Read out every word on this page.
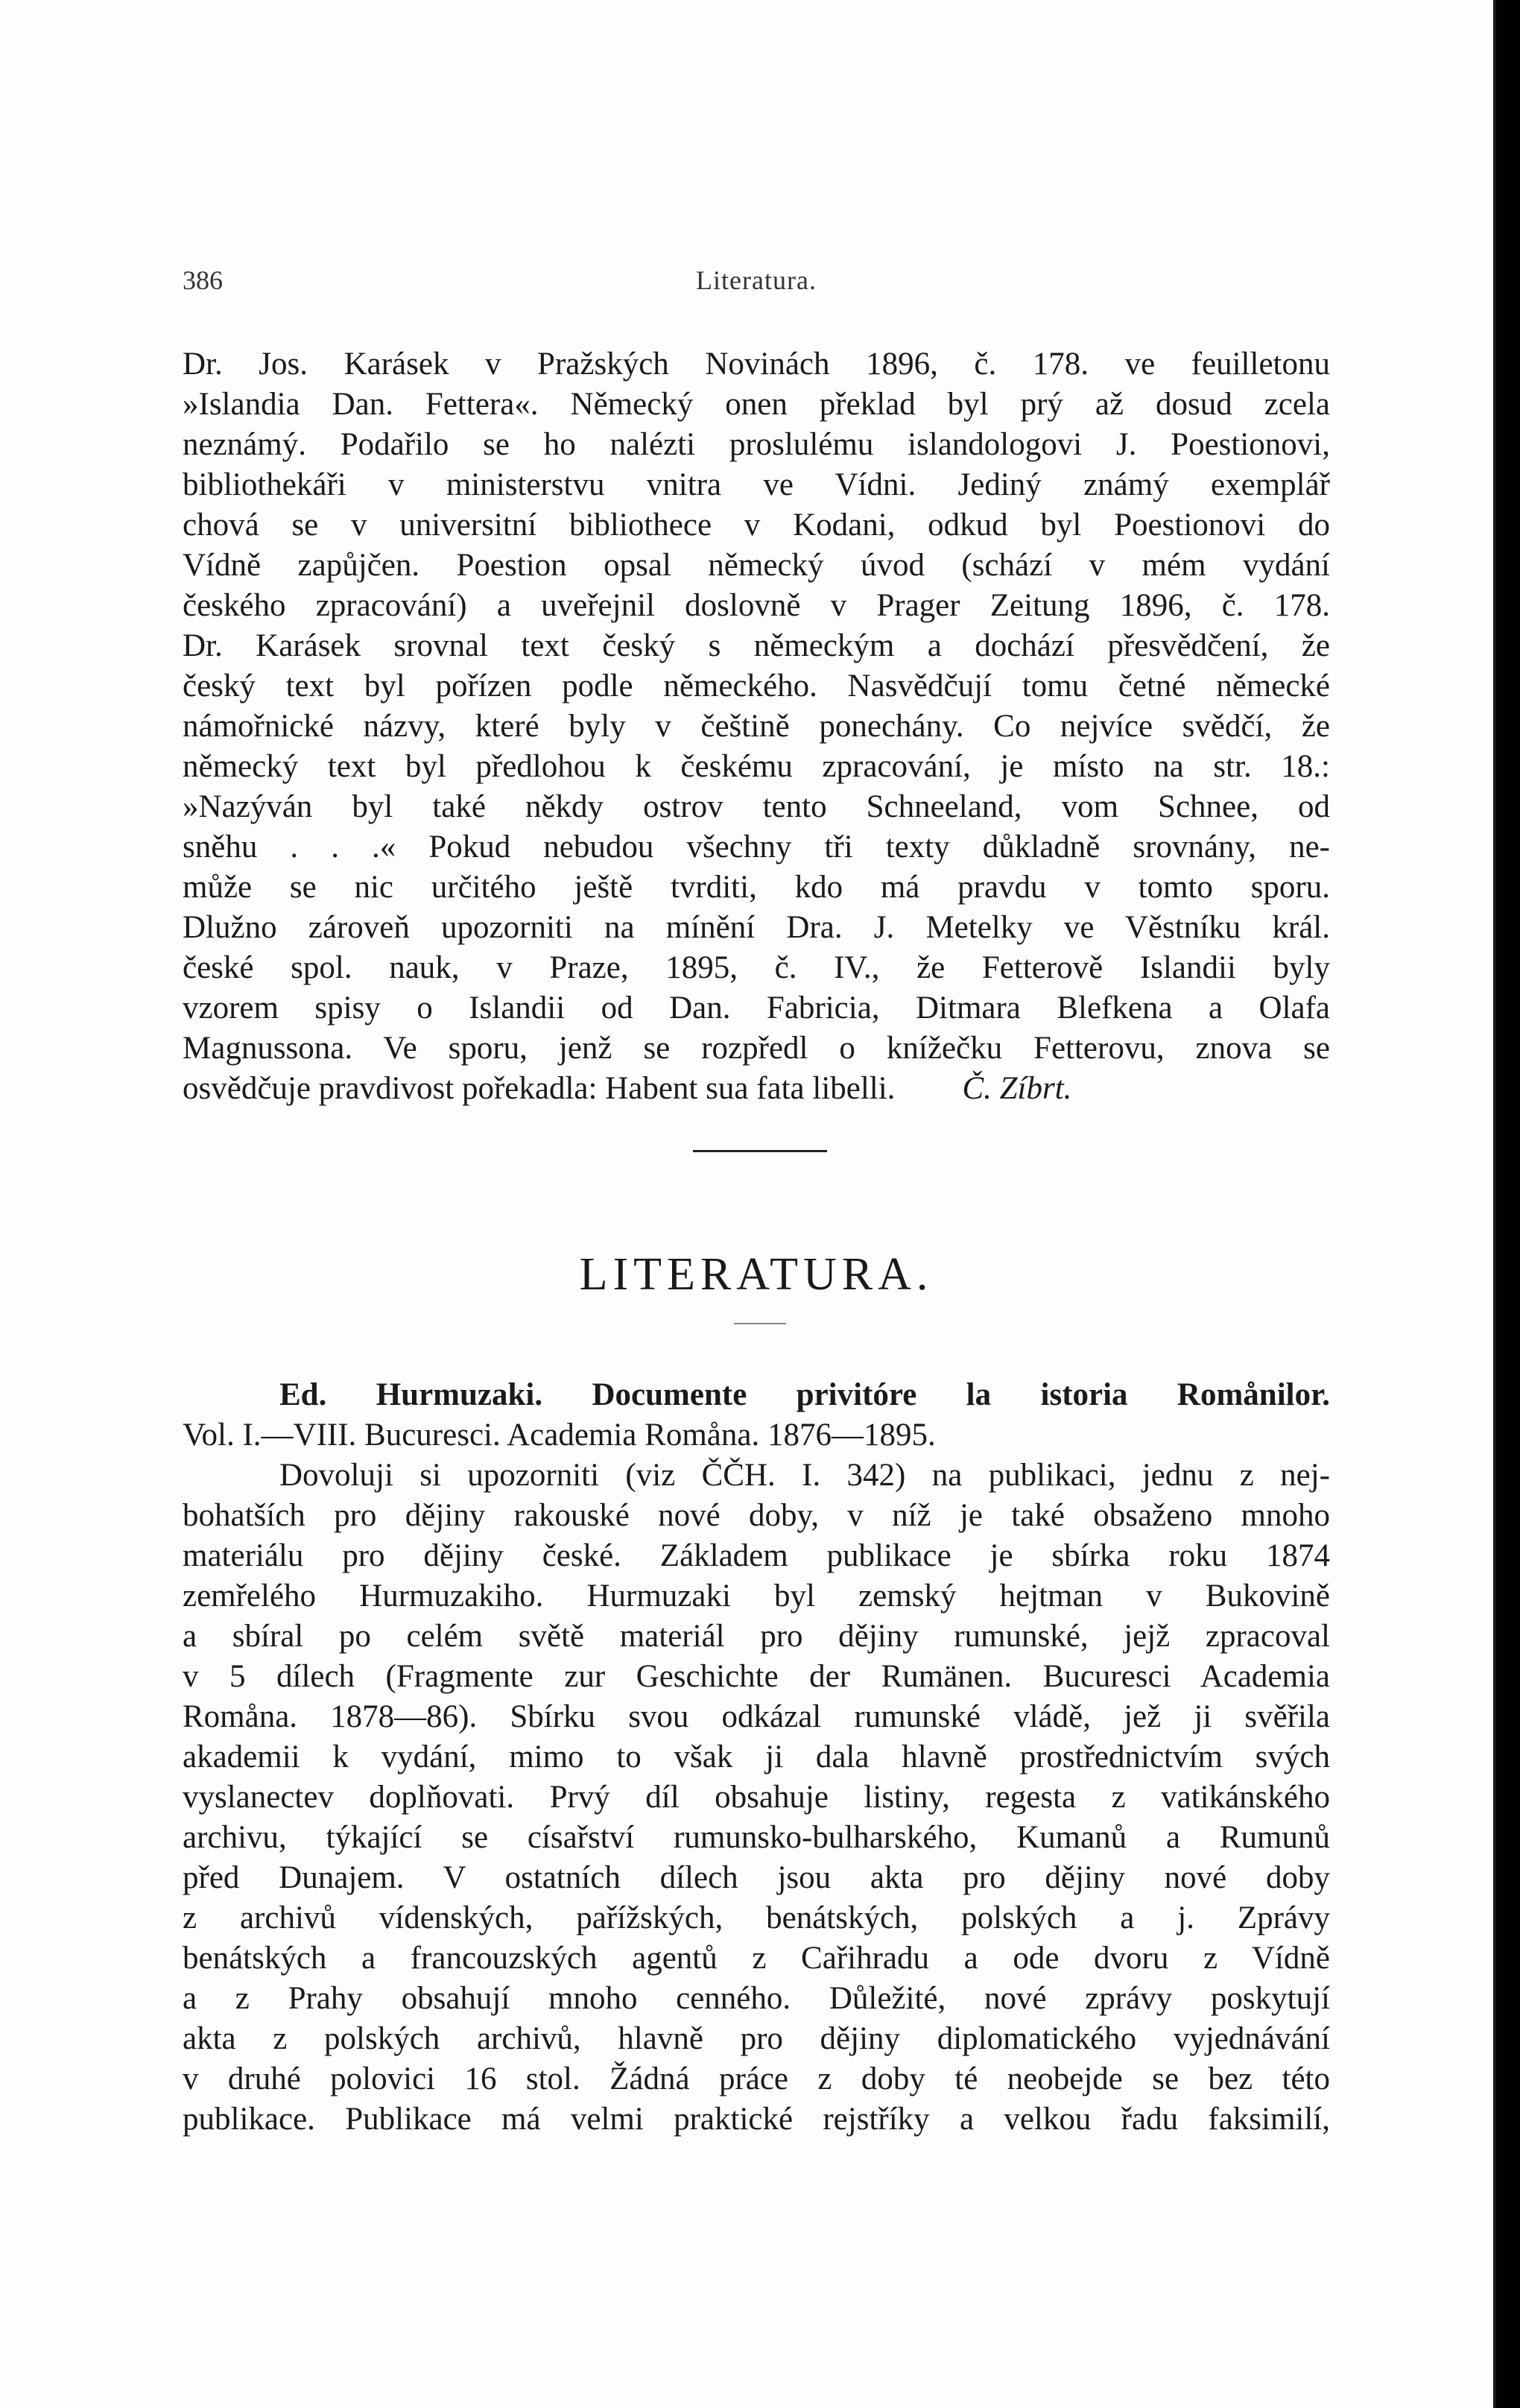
386	Literatura.
Dr. Jos. Karásek v Pražských Novinách 1896, č. 178. ve feuilletonu
»Islandia Dan. Fettera«. Německý onen překlad byl prý až dosud zcela
neznámý. Podařilo se ho nalézti proslulému islandologovi J. Poestionovi,
bibliothekáři v ministerstvu vnitra ve Vídni. Jediný známý exemplář
chová se v universitní bibliothece v Kodani, odkud byl Poestionovi do
Vídně zapůjčen. Poestion opsal německý úvod (schází v mém vydání
českého zpracování) a uveřejnil doslovně v Prager Zeitung 1896, č. 178.
Dr. Karásek srovnal text český s německým a dochází přesvědčení, že
český text byl pořízen podle německého. Nasvědčují tomu četné německé
námořnické názvy, které byly v češtině ponechány. Co nejvíce svědčí, že
německý text byl předlohou k českému zpracování, je místo na str. 18.:
»Nazýván byl také někdy ostrov tento Schneeland, vom Schnee, od
sněhu . . .« Pokud nebudou všechny tři texty důkladně srovnány, ne-
může se nic určitého ještě tvrditi, kdo má pravdu v tomto sporu.
Dlužno zároveň upozorniti na mínění Dra. J. Metelky ve Věstníku král.
české spol. nauk, v Praze, 1895, č. IV., že Fetterově Islandii byly
vzorem spisy o Islandii od Dan. Fabricia, Ditmara Blefkena a Olafa
Magnussona. Ve sporu, jenž se rozpředl o knížečku Fetterovu, znova se
osvědčuje pravdivost pořekadla: Habent sua fata libelli. Č. Zíbrt.
LITERATURA.
Ed. Hurmuzaki. Documente privitóre la istoria Romånilor.
Vol. I.—VIII. Bucuresci. Academia Romåna. 1876—1895.
Dovoluji si upozorniti (viz ČČH. I. 342) na publikaci, jednu z nej-
bohatších pro dějiny rakouské nové doby, v níž je také obsaženo mnoho
materiálu pro dějiny české. Základem publikace je sbírka roku 1874
zemřelého Hurmuzakiho. Hurmuzaki byl zemský hejtman v Bukovině
a sbíral po celém světě materiál pro dějiny rumunské, jejž zpracoval
v 5 dílech (Fragmente zur Geschichte der Rumänen. Bucuresci Academia
Romåna. 1878—86). Sbírku svou odkázal rumunské vládě, jež ji svěřila
akademii k vydání, mimo to však ji dala hlavně prostřednictvím svých
vyslanectev doplňovati. Prvý díl obsahuje listiny, regesta z vatikánského
archivu, týkající se císařství rumunsko-bulharského, Kumanů a Rumunů
před Dunajem. V ostatních dílech jsou akta pro dějiny nové doby
z archivů vídenských, pařížských, benátských, polských a j. Zprávy
benátských a francouzských agentů z Cařihradu a ode dvoru z Vídně
a z Prahy obsahují mnoho cenného. Důležité, nové zprávy poskytují
akta z polských archivů, hlavně pro dějiny diplomatického vyjednávání
v druhé polovici 16 stol. Žádná práce z doby té neobejde se bez této
publikace. Publikace má velmi praktické rejstříky a velkou řadu faksimilí,
